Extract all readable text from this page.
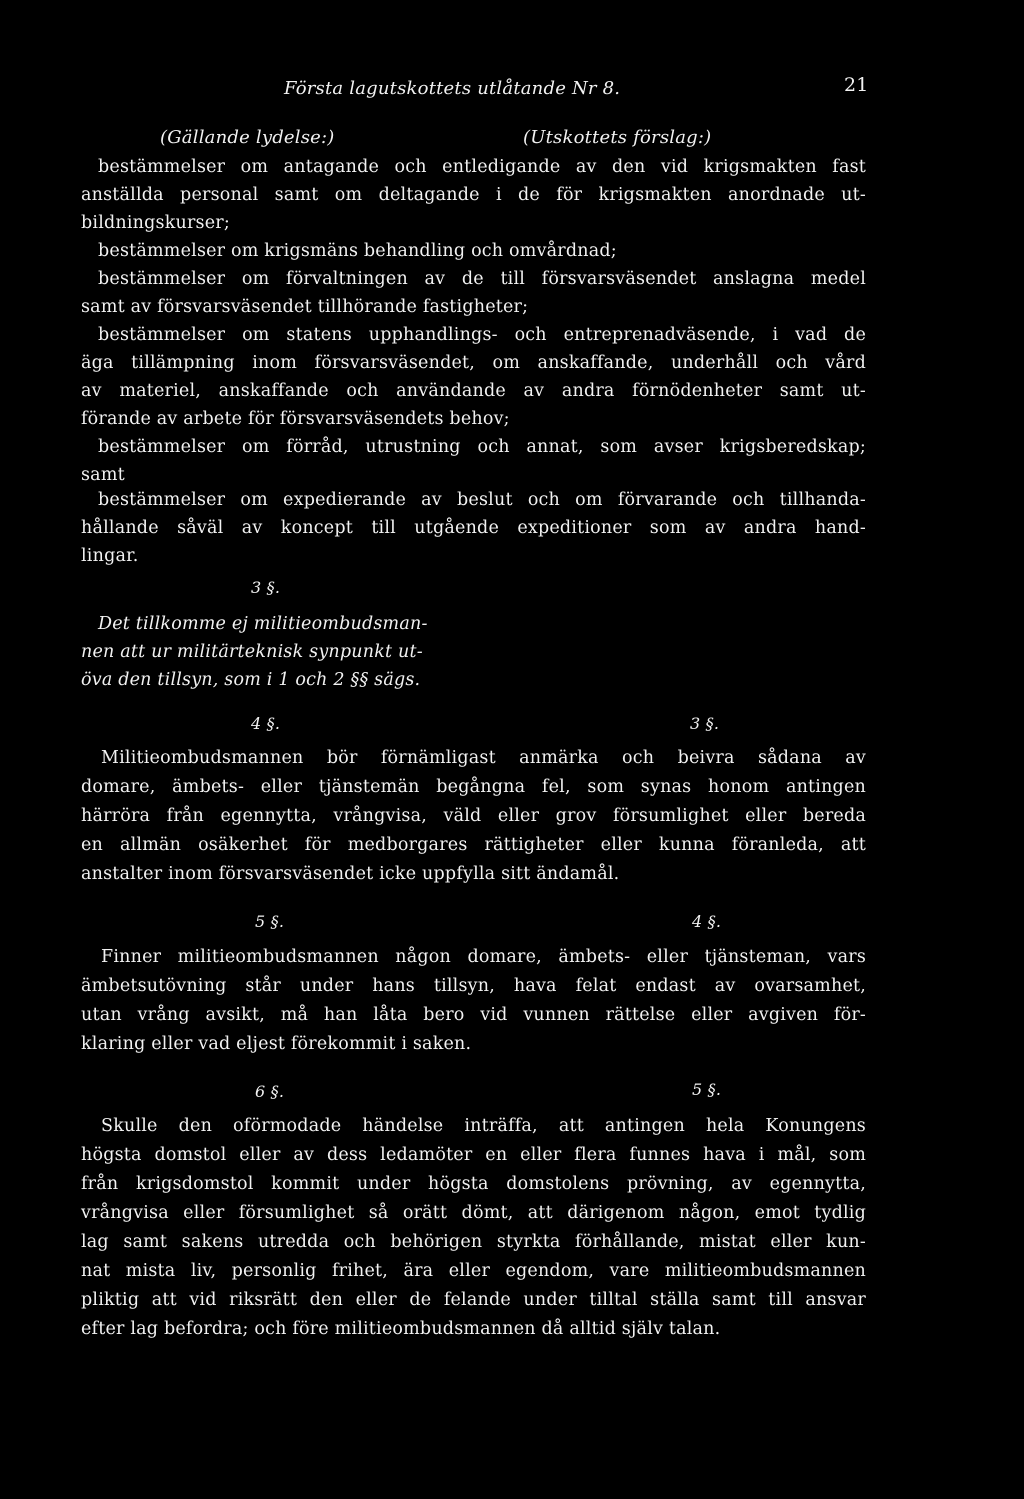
Första lagutskottets utlåtande Nr 8.	21
(Gällande lydelse:)	(Utskottets förslag:)
bestämmelser om antagande och entledigande av den vid krigsmakten fast
anställda personal samt om deltagande i de för krigsmakten anordnade ut-
bildningskurser;
bestämmelser om krigsmäns behandling och omvårdnad;
bestämmelser om förvaltningen av de till försvarsväsendet anslagna medel
samt av försvarsväsendet tillhörande fastigheter;
bestämmelser om statens upphandlings- och entreprenadväsende, i vad de
äga tillämpning inom försvarsväsendet, om anskaffande, underhåll och vård
av materiel, anskaffande och användande av andra förnödenheter samt ut-
förande av arbete för försvarsväsendets behov;
bestämmelser om förråd, utrustning och annat, som avser krigsberedskap;
samt
bestämmelser om expedierande av beslut och om förvarande och tillhanda-
hållande såväl av koncept till utgående expeditioner som av andra hand-
lingar.
3 §.
Det tillkomme ej militieombudsman-
nen att ur militärteknisk synpunkt ut-
öva den tillsyn, som i 1 och 2 §§ sägs.
4 §.	3 §.
Militieombudsmannen bör förnämligast anmärka och beivra sådana av
domare, ämbets- eller tjänstemän begångna fel, som synas honom antingen
härröra från egennytta, vrångvisa, väld eller grov försumlighet eller bereda
en allmän osäkerhet för medborgares rättigheter eller kunna föranleda, att
anstalter inom försvarsväsendet icke uppfylla sitt ändamål.
5 §.	4 §.
Finner militieombudsmannen någon domare, ämbets- eller tjänsteman, vars
ämbetsutövning står under hans tillsyn, hava felat endast av ovarsamhet,
utan vrång avsikt, må han låta bero vid vunnen rättelse eller avgiven för-
klaring eller vad eljest förekommit i saken.
6 §.	5 §.
Skulle den oförmodade händelse inträffa, att antingen hela Konungens
högsta domstol eller av dess ledamöter en eller flera funnes hava i mål, som
från krigsdomstol kommit under högsta domstolens prövning, av egennytta,
vrångvisa eller försumlighet så orätt dömt, att därigenom någon, emot tydlig
lag samt sakens utredda och behörigen styrkta förhållande, mistat eller kun-
nat mista liv, personlig frihet, ära eller egendom, vare militieombudsmannen
pliktig att vid riksrätt den eller de felande under tilltal ställa samt till ansvar
efter lag befordra; och före militieombudsmannen då alltid själv talan.
